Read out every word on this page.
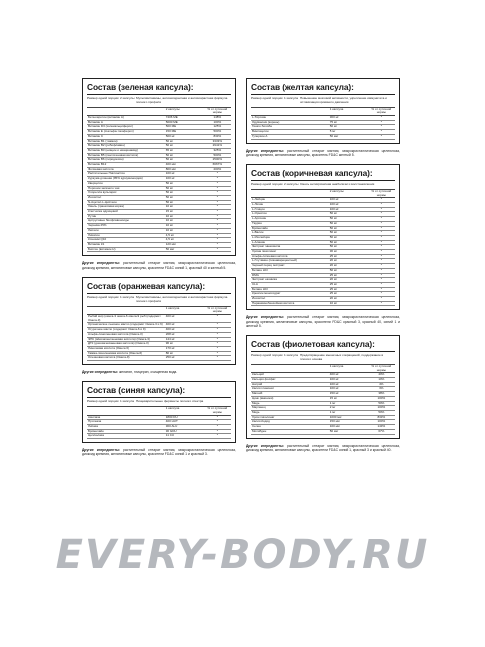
Состав (зеленая капсула):
Размер одной порции: 2 капсулы Мультивитамины, антиоксидантная и антивозрастная формула полного профиля
	2 капсулы	% от суточной нормы
Бета-каротин (витамин А)	7406 МЕ	148%
Витамин А	5000 МЕ	100%
Витамин D3 (холекальциферол)	500 МЕ	125%
Витамин Е (d-альфа-токоферол)	150 МЕ	500%
Витамин С	500 мг	833%
Витамин В1 (тиамин)	50 мг	3333%
Витамин В2 (рибофлавин)	50 мг	2941%
Витамин В3 (ниацин и ниацинамид)	65 мг	325%
Витамин В5 (пантотеновая кислота)	50 мг	500%
Витамин В6 (пиридоксин)	50 мг	2500%
Витамин В12	400 мкг	6667%
Фолиевая кислота	800 мкг	200%
Растительные Пиктинстин	100 мг	*
Куркума длинная (95% куркуминоидов)	100 мг	*
Кверцетин	50 мг	*
Порошок зелёного чая	50 мг	*
Хлорелла вульгарис	50 мг	*
Инозитол	50 мг	*
N-Ацетил-L-Цистеин	50 мг	*
Хмель (гранатовая корка)	10 мг	*
Клетчатка ядрицовой	15 мг	*
Рутин	10 мг	*
Цитрусовые биофлавоноиды	10 мг	*
Черника 25%	10 мг	*
Лютеин	10 мг	*
Ликопин	4,5 мг	*
Коэнзим Q10	4,5 мг	*
Витамин К1	120 мкг	*
Биотин (витамин Н)	50 мкг	*
Другие ингредиенты: растительный стеарат магния, микрокристаллическая целлюлоза, диоксид кремния, желатиновые капсулы, красители FD&C синий 1, красный 40 и желтый 5.
Состав (оранжевая капсула):
Размер одной порции: 1 капсула Мультивитамины, антиоксидантная и антивозрастная формула полного профиля
	1 капсула	% от суточной нормы
Рыбий жир (омега-3 омега-6 омега-9 рыб (содержит Омега-3)	400 мг	*
Органическое льняное масло (содержит Омега-3 и 6)	400 мг	*
Огуречное масло (содержит Омега-6 и 9)	400 мг	*
Альфа-линоленовая кислота (Омега-3)	268 мг	*
ЭПК (эйкозапентаеновая кислота) (Омега-3)	144 мг	*
ДГК (докозагексаеновая кислота) (Омега-3)	96 мг	*
Линолевая кислота (Омега 6)	170 мг	*
Гамма-линоленовая кислота (Омега-6)	80 мг	*
Олеиновая кислота (Омега-9)	250 мг	*
Другие ингредиенты: желатин, глицерин, очищенная вода.
Состав (синяя капсула):
Размер одной порции: 1 капсула Пищеварительные ферменты полного спектра
	1 капсула	% от суточной нормы
Амилаза	1800 DU	*
Протеаза	400 HUT	*
Липаза	300 ALU	*
Бромелайн	30 GDU	*
Целлюлаза	11 CU	*
Другие ингредиенты: растительный стеарат магния, микрокристаллическая целлюлоза, диоксид кремния, желатиновые капсулы, красители FD&C синий 1 и красный 3.
Состав (желтая капсула):
Размер одной порции: 1 капсула Повышение мозговой активности, укрепление иммунитета и оптимизация кровяного давления
	1 капсула	% от суточной нормы
L-Тирозин	300 мг	*
Одуванчик (корень)	75 мг	*
Гинкго билоба	50 мг	*
Винпоцетин	5 мг	*
Гуперзин А	50 мкг	*
Другие ингредиенты: растительный стеарат магния, микрокристаллическая целлюлоза, диоксид кремния, желатиновые капсулы, краситель FD&C желтый 5.
Состав (коричневая капсула):
Размер одной порции: 2 капсулы Смесь антикризисная анаболизм и восстановления
	2 капсулы	% от суточной нормы
L-Лейцин	100 мг	*
L-Лизин	100 мг	*
L-Глицин	100 мг	*
L-Орнитин	50 мг	*
L-Аргинин	50 мг	*
Таурин	50 мг	*
Бромелайн	50 мг	*
L-Валин	50 мг	*
L-Изолейцин	50 мг	*
L-Аланин	50 мг	*
Экстракт эвекомила	50 мг	*
Хрома пиколинат	30 мг	*
Альфа-липоевая кислота	25 мг	*
L-Глутамин (пикнаварецентный)	20 мг	*
Черный перец экстракт	20 мг	*
Бетаин HCl	50 мг	*
DMG	25 мг	*
Экстракт ежовика	20 мг	*
CLA	25 мг	*
Бетаин HCl	25 мг	*
Креатин моногидрат	25 мг	*
Инозитол	20 мг	*
Парааминобензойная кислота	10 мг	*
Другие ингредиенты: растительный стеарат магния, микрокристаллическая целлюлоза, диоксид кремния, желатиновые капсулы, красители FD&C красный 3, красный 40, синий 1 и желтый 5.
Состав (фиолетовая капсула):
Размер одной порции: 1 капсула Предотвращение мышечных сокращений, поддержание в плохого основа
	1 капсула	% от суточной нормы
Кальций	400 мг	40%
Кальция фосфат	100 мг	10%
Натрий	100 мг	4%
Калия глюконат	100 мг	3%
Магний	150 мг	38%
Цинк (аминоки)	15 мг	100%
Медь	1 мг	50%
Марганец	2 мг	100%
Медь	1 мг	50%
Хром пиколинат	1000 мкг	833%
Калия йодид	150 мкг	100%
Селен	100 мкг	143%
Молибден	50 мкг	67%
Другие ингредиенты: растительный стеарат магния, микрокристаллическая целлюлоза, диоксид кремния, желатиновые капсулы, красители FD&C синий 1, красный 3 и красный 40.
EVERY-BODY.RU
